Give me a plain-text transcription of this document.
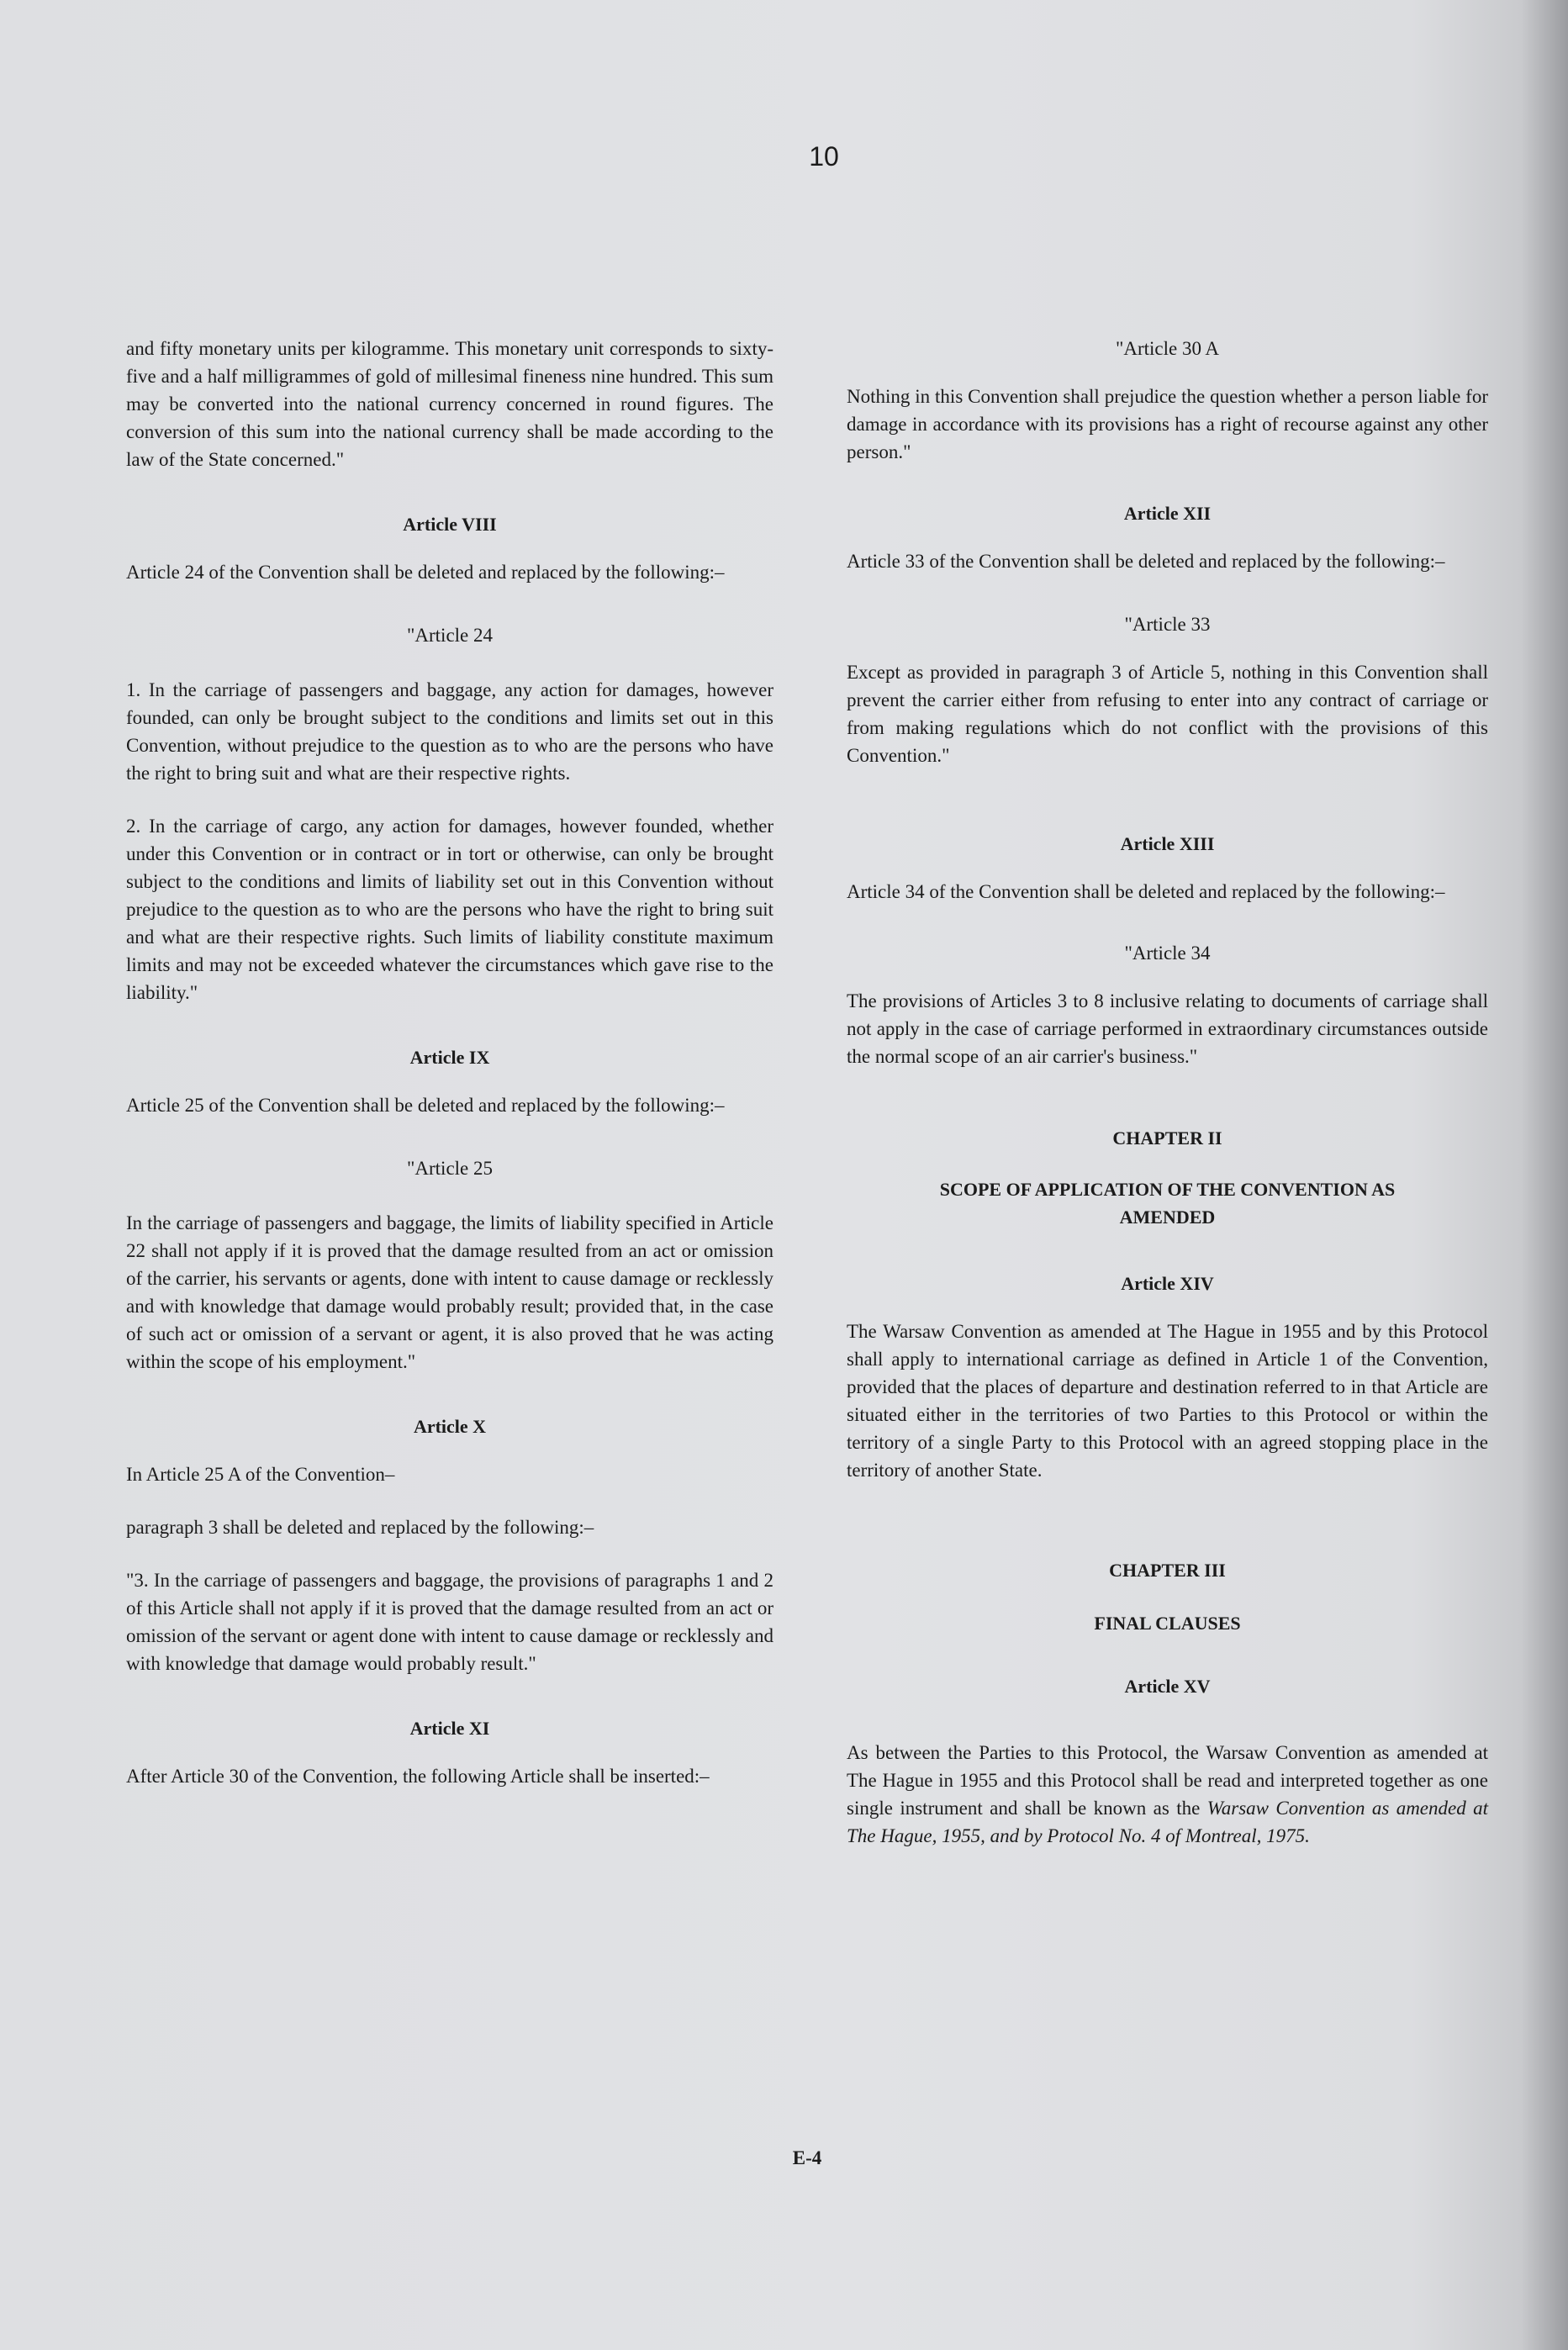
10

and fifty monetary units per kilogramme. This monetary unit corresponds to sixty-five and a half milligrammes of gold of millesimal fineness nine hundred. This sum may be converted into the national currency concerned in round figures. The conversion of this sum into the national currency shall be made according to the law of the State concerned."

Article VIII

Article 24 of the Convention shall be deleted and replaced by the following:–

"Article 24

1. In the carriage of passengers and baggage, any action for damages, however founded, can only be brought subject to the conditions and limits set out in this Convention, without prejudice to the question as to who are the persons who have the right to bring suit and what are their respective rights.

2. In the carriage of cargo, any action for damages, however founded, whether under this Convention or in contract or in tort or otherwise, can only be brought subject to the conditions and limits of liability set out in this Convention without prejudice to the question as to who are the persons who have the right to bring suit and what are their respective rights. Such limits of liability constitute maximum limits and may not be exceeded whatever the circumstances which gave rise to the liability."

Article IX

Article 25 of the Convention shall be deleted and replaced by the following:–

"Article 25

In the carriage of passengers and baggage, the limits of liability specified in Article 22 shall not apply if it is proved that the damage resulted from an act or omission of the carrier, his servants or agents, done with intent to cause damage or recklessly and with knowledge that damage would probably result; provided that, in the case of such act or omission of a servant or agent, it is also proved that he was acting within the scope of his employment."

Article X

In Article 25 A of the Convention–

paragraph 3 shall be deleted and replaced by the following:–

"3. In the carriage of passengers and baggage, the provisions of paragraphs 1 and 2 of this Article shall not apply if it is proved that the damage resulted from an act or omission of the servant or agent done with intent to cause damage or recklessly and with knowledge that damage would probably result."

Article XI

After Article 30 of the Convention, the following Article shall be inserted:–

"Article 30 A

Nothing in this Convention shall prejudice the question whether a person liable for damage in accordance with its provisions has a right of recourse against any other person."

Article XII

Article 33 of the Convention shall be deleted and replaced by the following:–

"Article 33

Except as provided in paragraph 3 of Article 5, nothing in this Convention shall prevent the carrier either from refusing to enter into any contract of carriage or from making regulations which do not conflict with the provisions of this Convention."

Article XIII

Article 34 of the Convention shall be deleted and replaced by the following:–

"Article 34

The provisions of Articles 3 to 8 inclusive relating to documents of carriage shall not apply in the case of carriage performed in extraordinary circumstances outside the normal scope of an air carrier's business."

CHAPTER II

SCOPE OF APPLICATION OF THE CONVENTION AS AMENDED

Article XIV

The Warsaw Convention as amended at The Hague in 1955 and by this Protocol shall apply to international carriage as defined in Article 1 of the Convention, provided that the places of departure and destination referred to in that Article are situated either in the territories of two Parties to this Protocol or within the territory of a single Party to this Protocol with an agreed stopping place in the territory of another State.

CHAPTER III

FINAL CLAUSES

Article XV

As between the Parties to this Protocol, the Warsaw Convention as amended at The Hague in 1955 and this Protocol shall be read and interpreted together as one single instrument and shall be known as the Warsaw Convention as amended at The Hague, 1955, and by Protocol No. 4 of Montreal, 1975.

E-4
